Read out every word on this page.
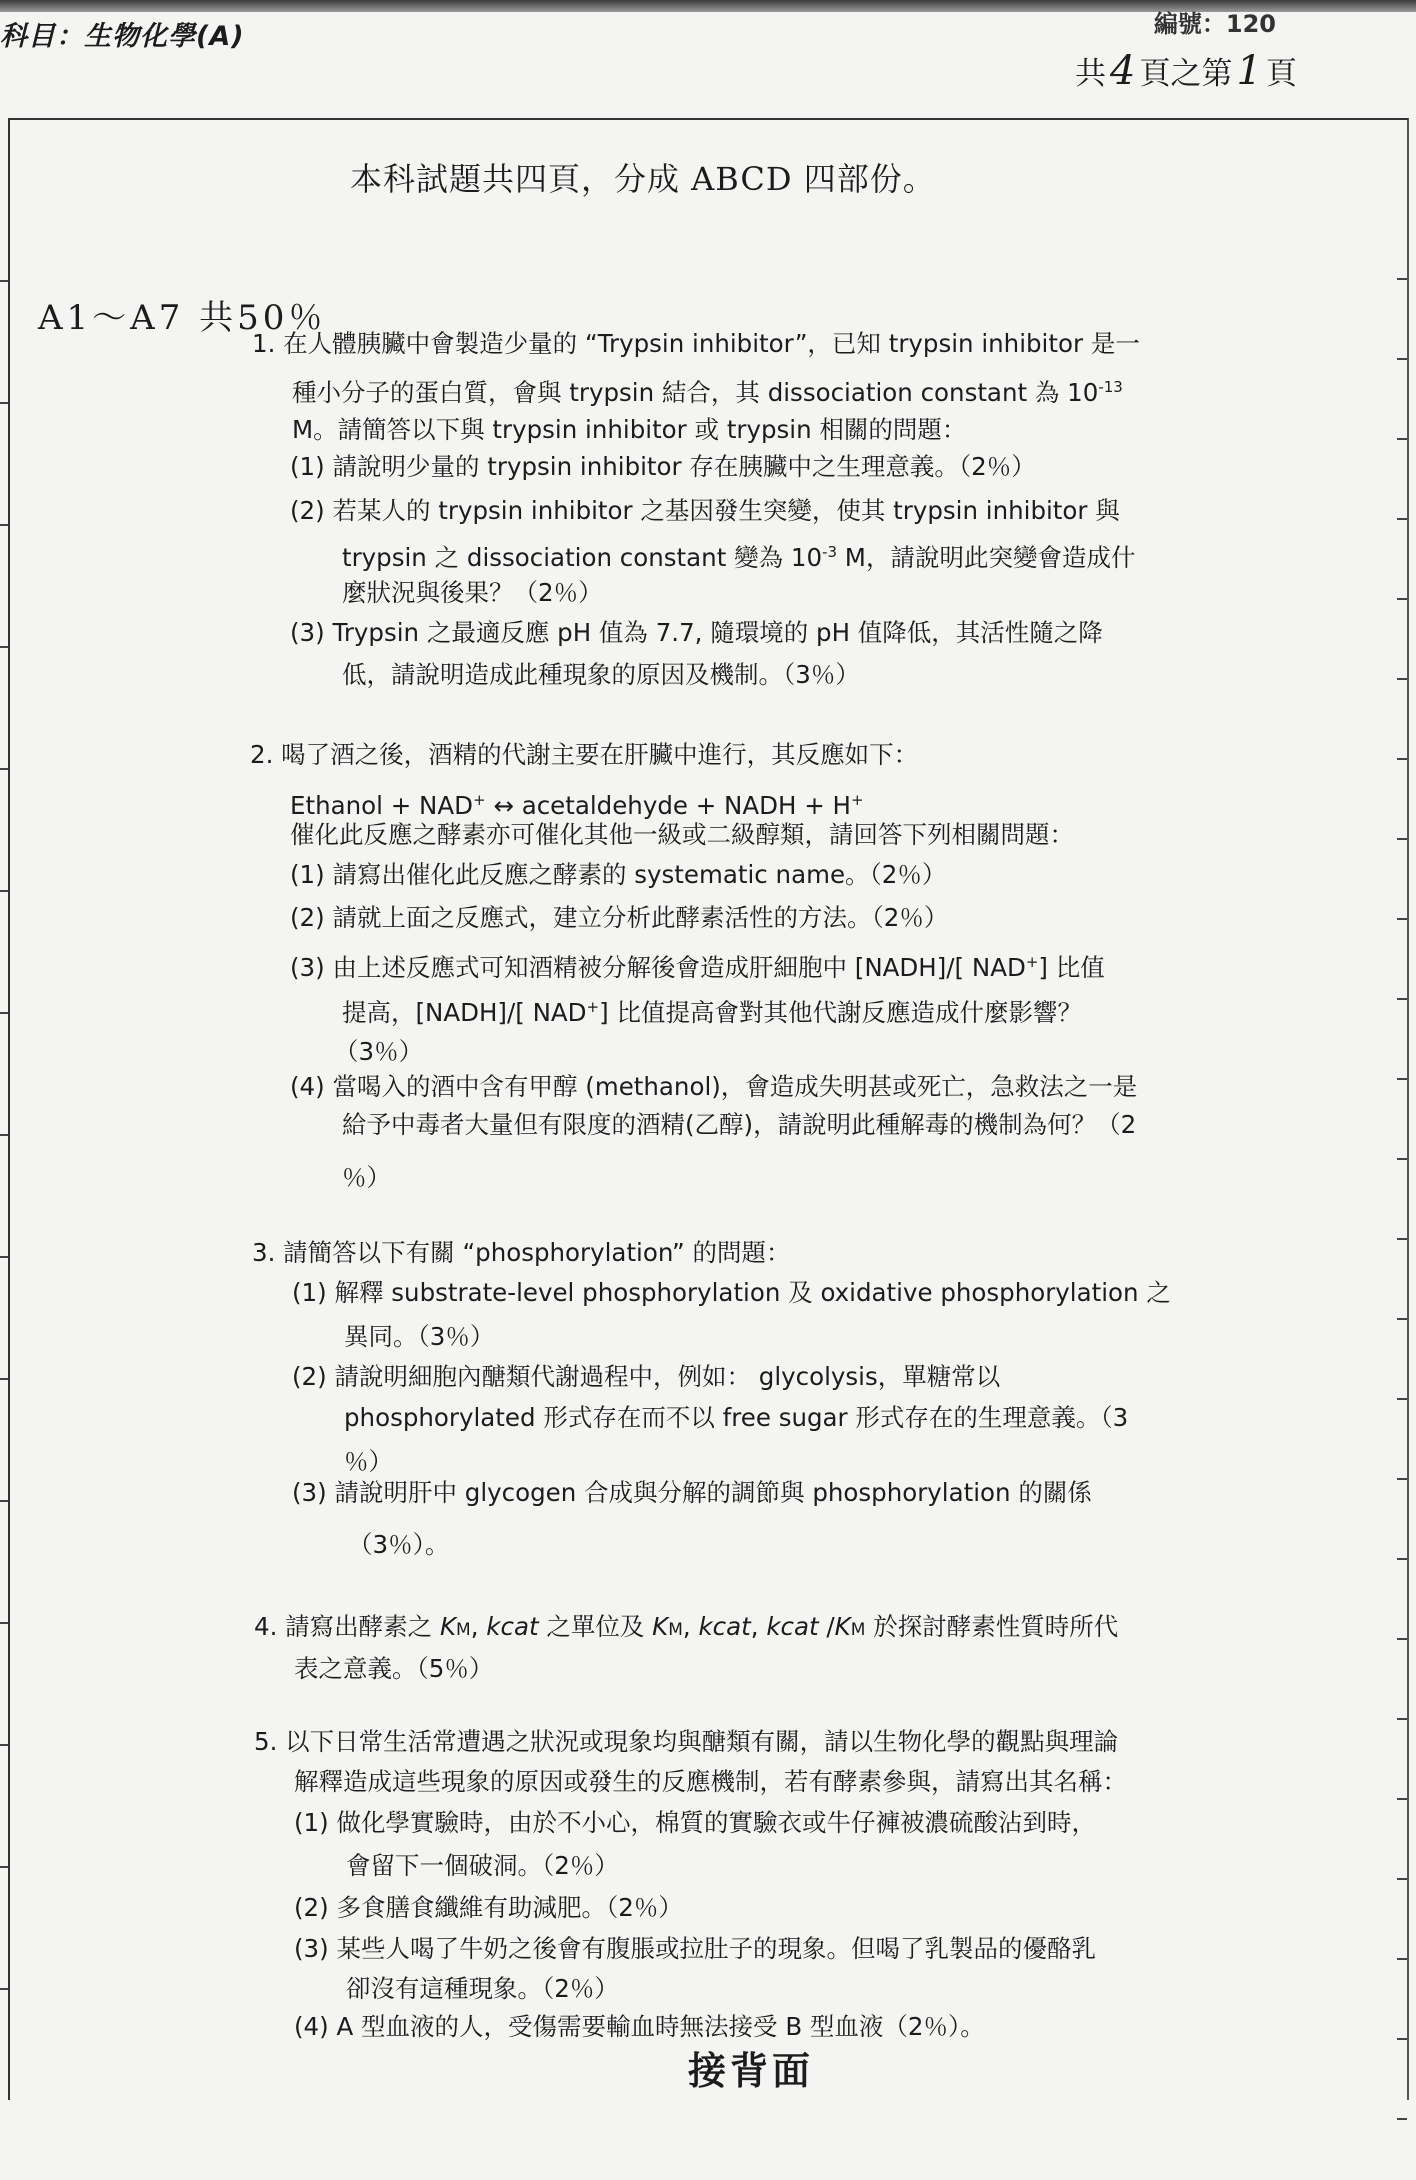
科目：生物化學(A)	編號：120
共 4 頁之第 1 頁
本科試題共四頁，分成 ABCD 四部份。
A1～A7 共50％
1. 在人體胰臟中會製造少量的 “Trypsin inhibitor”，已知 trypsin inhibitor 是一
種小分子的蛋白質，會與 trypsin 結合，其 dissociation constant 為 $10^{-13}$
M。請簡答以下與 trypsin inhibitor 或 trypsin 相關的問題：
(1) 請說明少量的 trypsin inhibitor 存在胰臟中之生理意義。（2％）
(2) 若某人的 trypsin inhibitor 之基因發生突變，使其 trypsin inhibitor 與
trypsin 之 dissociation constant 變為 $10^{-3}$ M，請說明此突變會造成什
麼狀況與後果？（2％）
(3) Trypsin 之最適反應 pH 值為 7.7, 隨環境的 pH 值降低，其活性隨之降
低，請說明造成此種現象的原因及機制。（3％）
2. 喝了酒之後，酒精的代謝主要在肝臟中進行，其反應如下：
Ethanol + NAD+ ↔ acetaldehyde + NADH + H+
催化此反應之酵素亦可催化其他一級或二級醇類，請回答下列相關問題：
(1) 請寫出催化此反應之酵素的 systematic name。（2％）
(2) 請就上面之反應式，建立分析此酵素活性的方法。（2％）
(3) 由上述反應式可知酒精被分解後會造成肝細胞中 [NADH]/[ NAD+] 比值
提高，[NADH]/[ NAD+] 比值提高會對其他代謝反應造成什麼影響？
（3％）
(4) 當喝入的酒中含有甲醇 (methanol)，會造成失明甚或死亡，急救法之一是
給予中毒者大量但有限度的酒精(乙醇)，請說明此種解毒的機制為何？（2
％）
3. 請簡答以下有關 “phosphorylation” 的問題：
(1) 解釋 substrate-level phosphorylation 及 oxidative phosphorylation 之
異同。（3％）
(2) 請說明細胞內醣類代謝過程中，例如： glycolysis，單糖常以
phosphorylated 形式存在而不以 free sugar 形式存在的生理意義。（3
％）
(3) 請說明肝中 glycogen 合成與分解的調節與 phosphorylation 的關係
（3％）。
4. 請寫出酵素之 KM, kcat 之單位及 KM, kcat, kcat /KM 於探討酵素性質時所代
表之意義。（5％）
5. 以下日常生活常遭遇之狀況或現象均與醣類有關，請以生物化學的觀點與理論
解釋造成這些現象的原因或發生的反應機制，若有酵素參與，請寫出其名稱：
(1) 做化學實驗時，由於不小心，棉質的實驗衣或牛仔褲被濃硫酸沾到時，
會留下一個破洞。（2％）
(2) 多食膳食纖維有助減肥。（2％）
(3) 某些人喝了牛奶之後會有腹脹或拉肚子的現象。但喝了乳製品的優酪乳
卻沒有這種現象。（2％）
(4) A 型血液的人，受傷需要輸血時無法接受 B 型血液（2％）。
接背面
